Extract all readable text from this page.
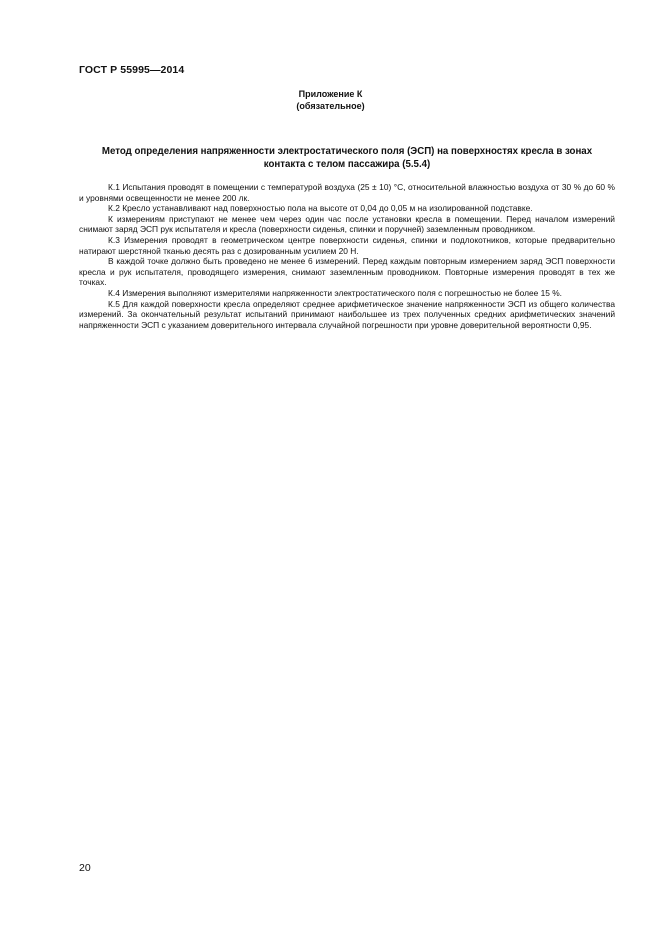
ГОСТ Р 55995—2014
Приложение К
(обязательное)
Метод определения напряженности электростатического поля (ЭСП) на поверхностях кресла в зонах контакта с телом пассажира (5.5.4)

К.1 Испытания проводят в помещении с температурой воздуха (25 ± 10) °С, относительной влажностью воздуха от 30 % до 60 % и уровнями освещенности не менее 200 лк.

К.2 Кресло устанавливают над поверхностью пола на высоте от 0,04 до 0,05 м на изолированной подставке.

К измерениям приступают не менее чем через один час после установки кресла в помещении. Перед началом измерений снимают заряд ЭСП рук испытателя и кресла (поверхности сиденья, спинки и поручней) заземленным проводником.

К.3 Измерения проводят в геометрическом центре поверхности сиденья, спинки и подлокотников, которые предварительно натирают шерстяной тканью десять раз с дозированным усилием 20 Н.

В каждой точке должно быть проведено не менее 6 измерений. Перед каждым повторным измерением заряд ЭСП поверхности кресла и рук испытателя, проводящего измерения, снимают заземленным проводником. Повторные измерения проводят в тех же точках.

К.4 Измерения выполняют измерителями напряженности электростатического поля с погрешностью не более 15 %.

К.5 Для каждой поверхности кресла определяют среднее арифметическое значение напряженности ЭСП из общего количества измерений. За окончательный результат испытаний принимают наибольшее из трех полученных средних арифметических значений напряженности ЭСП с указанием доверительного интервала случайной погрешности при уровне доверительной вероятности 0,95.

20
